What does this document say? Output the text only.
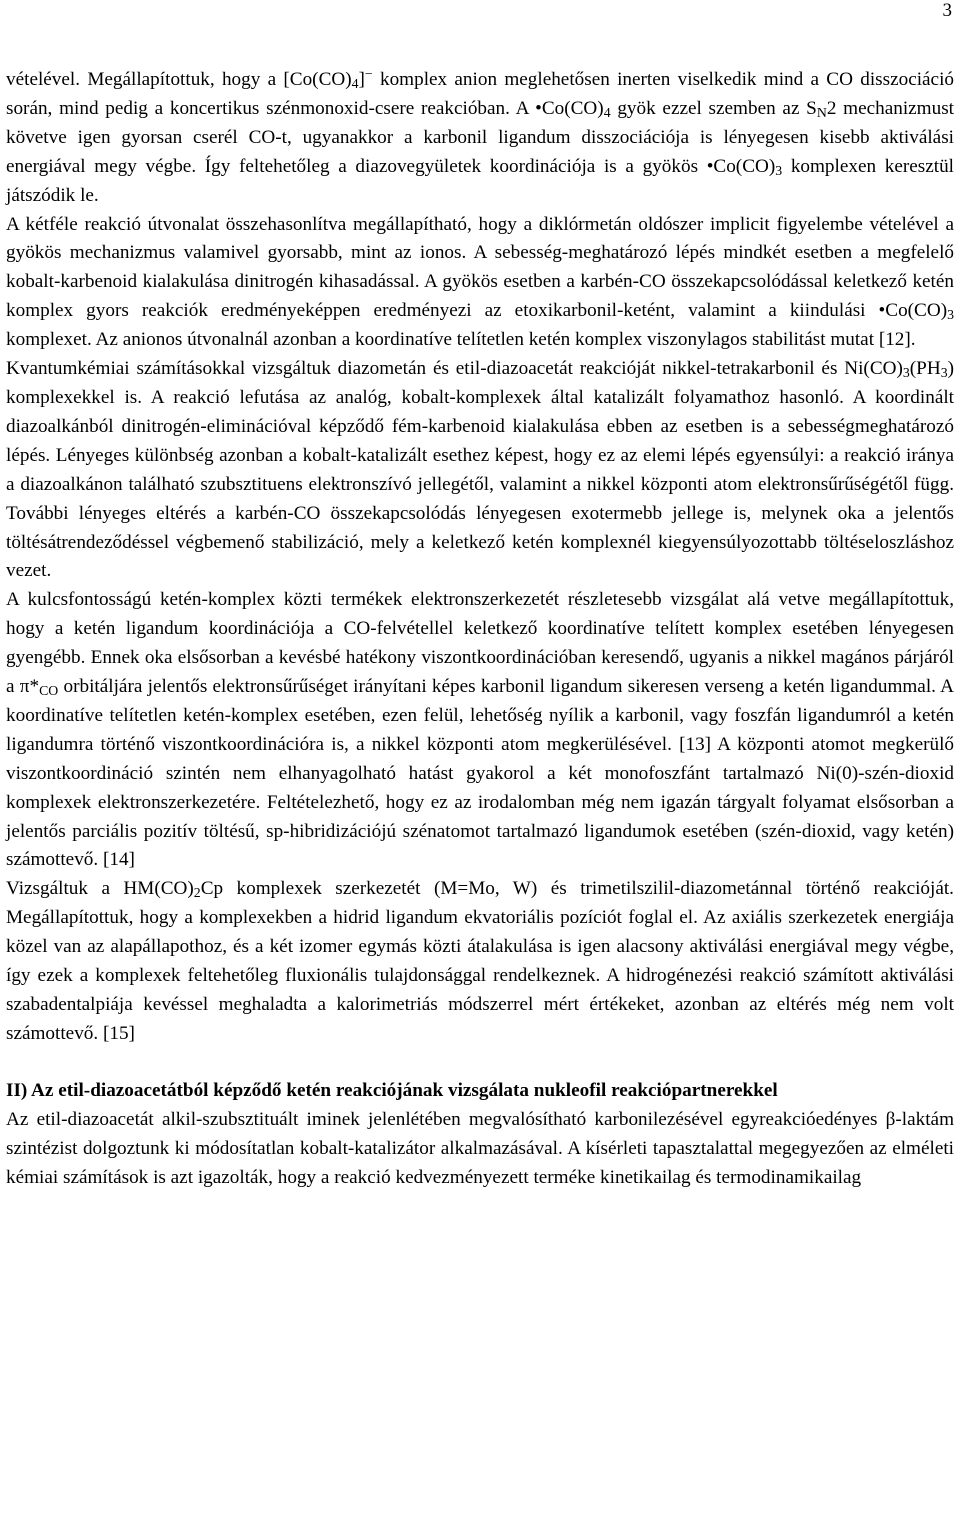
3

vételével. Megállapítottuk, hogy a $[Co(CO)_4]^-$ komplex anion meglehetősen inerten viselkedik mind a CO disszociáció során, mind pedig a koncertikus szénmonoxid-csere reakcióban. A $•Co(CO)_4$ gyök ezzel szemben az $S_N2$ mechanizmust követve igen gyorsan cserél CO-t, ugyanakkor a karbonil ligandum disszociációja is lényegesen kisebb aktiválási energiával megy végbe. Így feltehetőleg a diazovegyületek koordinációja is a gyökös $•Co(CO)_3$ komplexen keresztül játszódik le.

A kétféle reakció útvonalat összehasonlítva megállapítható, hogy a diklórmetán oldószer implicit figyelembe vételével a gyökös mechanizmus valamivel gyorsabb, mint az ionos. A sebesség-meghatározó lépés mindkét esetben a megfelelő kobalt-karbenoid kialakulása dinitrogén kihasadással. A gyökös esetben a karbén-CO összekapcsolódással keletkező ketén komplex gyors reakciók eredményeképpen eredményezi az etoxikarbonil-ketént, valamint a kiindulási $•Co(CO)_3$ komplexet. Az anionos útvonalnál azonban a koordinatíve telítetlen ketén komplex viszonylagos stabilitást mutat [12].

Kvantumkémiai számításokkal vizsgáltuk diazometán és etil-diazoacetát reakcióját nikkel-tetrakarbonil és $Ni(CO)_3(PH_3)$ komplexekkel is. A reakció lefutása az analóg, kobalt-komplexek által katalizált folyamathoz hasonló. A koordinált diazoalkánból dinitrogén-eliminációval képződő fém-karbenoid kialakulása ebben az esetben is a sebességmeghatározó lépés. Lényeges különbség azonban a kobalt-katalizált esethez képest, hogy ez az elemi lépés egyensúlyi: a reakció iránya a diazoalkánon található szubsztituens elektronszívó jellegétől, valamint a nikkel központi atom elektronsűrűségétől függ. További lényeges eltérés a karbén-CO összekapcsolódás lényegesen exotermebb jellege is, melynek oka a jelentős töltésátrendeződéssel végbemenő stabilizáció, mely a keletkező ketén komplexnél kiegyensúlyozottabb töltéseloszláshoz vezet.

A kulcsfontosságú ketén-komplex közti termékek elektronszerkezetét részletesebb vizsgálat alá vetve megállapítottuk, hogy a ketén ligandum koordinációja a CO-felvétellel keletkező koordinatíve telített komplex esetében lényegesen gyengébb. Ennek oka elsősorban a kevésbé hatékony viszontkoordinációban keresendő, ugyanis a nikkel magános párjáról a $\pi*_{CO}$ orbitáljára jelentős elektronsűrűséget irányítani képes karbonil ligandum sikeresen verseng a ketén ligandummal. A koordinatíve telítetlen ketén-komplex esetében, ezen felül, lehetőség nyílik a karbonil, vagy foszfán ligandumról a ketén ligandumra történő viszontkoordinációra is, a nikkel központi atom megkerülésével. [13] A központi atomot megkerülő viszontkoordináció szintén nem elhanyagolható hatást gyakorol a két monofoszfánt tartalmazó Ni(0)-szén-dioxid komplexek elektronszerkezetére. Feltételezhető, hogy ez az irodalomban még nem igazán tárgyalt folyamat elsősorban a jelentős parciális pozitív töltésű, sp-hibridizációjú szénatomot tartalmazó ligandumok esetében (szén-dioxid, vagy ketén) számottevő. [14]

Vizsgáltuk a $HM(CO)_2Cp$ komplexek szerkezetét (M=Mo, W) és trimetilszilil-diazometánnal történő reakcióját. Megállapítottuk, hogy a komplexekben a hidrid ligandum ekvatoriális pozíciót foglal el. Az axiális szerkezetek energiája közel van az alapállapothoz, és a két izomer egymás közti átalakulása is igen alacsony aktiválási energiával megy végbe, így ezek a komplexek feltehetőleg fluxionális tulajdonsággal rendelkeznek. A hidrogénezési reakció számított aktiválási szabadentalpiája kevéssel meghaladta a kalorimetriás módszerrel mért értékeket, azonban az eltérés még nem volt számottevő. [15]

II) Az etil-diazoacetátból képződő ketén reakciójának vizsgálata nukleofil reakciópartnerekkel

Az etil-diazoacetát alkil-szubsztituált iminek jelenlétében megvalósítható karbonilezésével egyreakcióedényes β-laktám szintézist dolgoztunk ki módosítatlan kobalt-katalizátor alkalmazásával. A kísérleti tapasztalattal megegyezően az elméleti kémiai számítások is azt igazolták, hogy a reakció kedvezményezett terméke kinetikailag és termodinamikailag
